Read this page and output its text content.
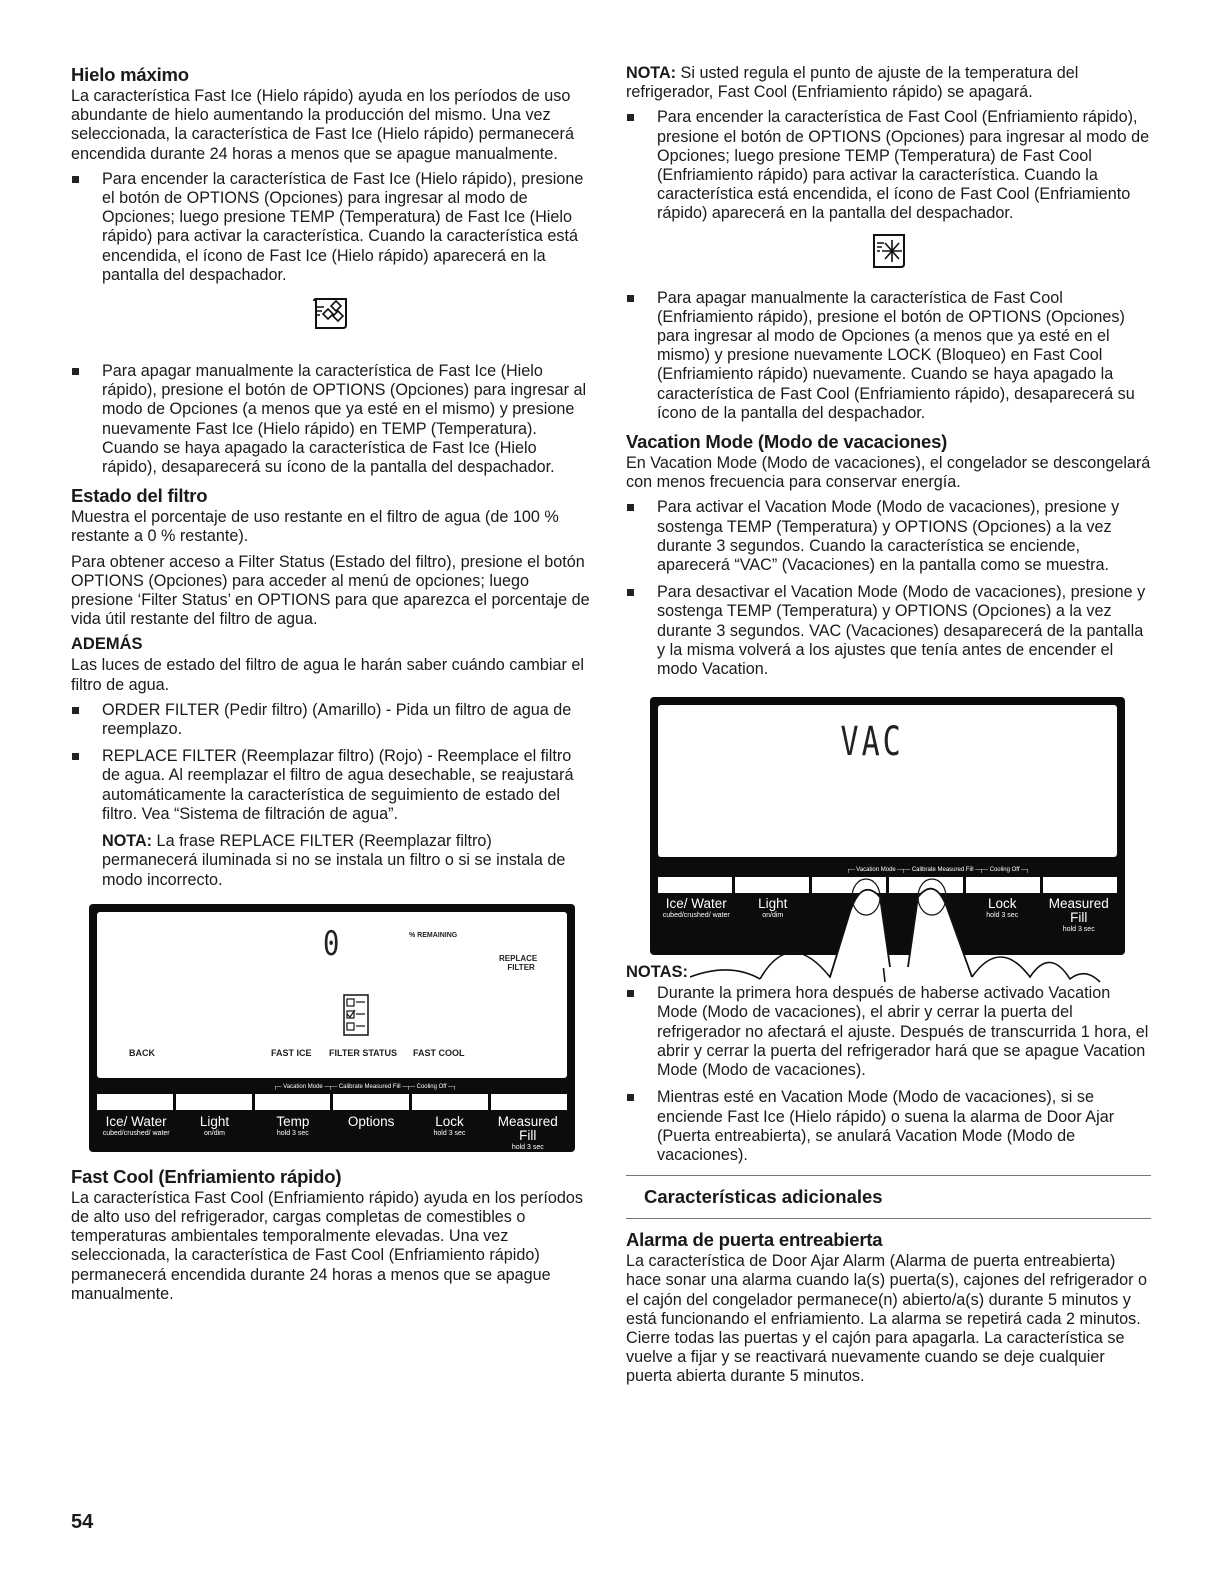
Hielo máximo

La característica Fast Ice (Hielo rápido) ayuda en los períodos de uso abundante de hielo aumentando la producción del mismo. Una vez seleccionada, la característica de Fast Ice (Hielo rápido) permanecerá encendida durante 24 horas a menos que se apague manualmente.

Para encender la característica de Fast Ice (Hielo rápido), presione el botón de OPTIONS (Opciones) para ingresar al modo de Opciones; luego presione TEMP (Temperatura) de Fast Ice (Hielo rápido) para activar la característica. Cuando la característica está encendida, el ícono de Fast Ice (Hielo rápido) aparecerá en la pantalla del despachador.
Para apagar manualmente la característica de Fast Ice (Hielo rápido), presione el botón de OPTIONS (Opciones) para ingresar al modo de Opciones (a menos que ya esté en el mismo) y presione nuevamente Fast Ice (Hielo rápido) en TEMP (Temperatura). Cuando se haya apagado la característica de Fast Ice (Hielo rápido), desaparecerá su ícono de la pantalla del despachador.
Estado del filtro

Muestra el porcentaje de uso restante en el filtro de agua (de 100 % restante a 0 % restante).

Para obtener acceso a Filter Status (Estado del filtro), presione el botón OPTIONS (Opciones) para acceder al menú de opciones; luego presione ‘Filter Status’ en OPTIONS para que aparezca el porcentaje de vida útil restante del filtro de agua.

ADEMÁS

Las luces de estado del filtro de agua le harán saber cuándo cambiar el filtro de agua.

ORDER FILTER (Pedir filtro) (Amarillo) - Pida un filtro de agua de reemplazo.
REPLACE FILTER (Reemplazar filtro) (Rojo) - Reemplace el filtro de agua. Al reemplazar el filtro de agua desechable, se reajustará automáticamente la característica de seguimiento de estado del filtro. Vea “Sistema de filtración de agua”.

NOTA: La frase REPLACE FILTER (Reemplazar filtro) permanecerá iluminada si no se instala un filtro o si se instala de modo incorrecto.

0	% REMAINING
REPLACE
FILTER
BACK	FAST ICE FILTER STATUS FAST COOL
┌─ Vacation Mode ─┬─ Calibrate Measured Fill ─┬─ Cooling Off ─┐
Ice/ Water
cubed/crushed/ water
Light
on/dim
Temp
hold 3 sec
Options	Lock
hold 3 sec
Measured Fill
hold 3 sec
Fast Cool (Enfriamiento rápido)

La característica Fast Cool (Enfriamiento rápido) ayuda en los períodos de alto uso del refrigerador, cargas completas de comestibles o temperaturas ambientales temporalmente elevadas. Una vez seleccionada, la característica de Fast Cool (Enfriamiento rápido) permanecerá encendida durante 24 horas a menos que se apague manualmente.

NOTA: Si usted regula el punto de ajuste de la temperatura del refrigerador, Fast Cool (Enfriamiento rápido) se apagará.

Para encender la característica de Fast Cool (Enfriamiento rápido), presione el botón de OPTIONS (Opciones) para ingresar al modo de Opciones; luego presione TEMP (Temperatura) de Fast Cool (Enfriamiento rápido) para activar la característica. Cuando la característica está encendida, el ícono de Fast Cool (Enfriamiento rápido) aparecerá en la pantalla del despachador.
Para apagar manualmente la característica de Fast Cool (Enfriamiento rápido), presione el botón de OPTIONS (Opciones) para ingresar al modo de Opciones (a menos que ya esté en el mismo) y presione nuevamente LOCK (Bloqueo) en Fast Cool (Enfriamiento rápido) nuevamente. Cuando se haya apagado la característica de Fast Cool (Enfriamiento rápido), desaparecerá su ícono de la pantalla del despachador.
Vacation Mode (Modo de vacaciones)

En Vacation Mode (Modo de vacaciones), el congelador se descongelará con menos frecuencia para conservar energía.

Para activar el Vacation Mode (Modo de vacaciones), presione y sostenga TEMP (Temperatura) y OPTIONS (Opciones) a la vez durante 3 segundos. Cuando la característica se enciende, aparecerá “VAC” (Vacaciones) en la pantalla como se muestra.
Para desactivar el Vacation Mode (Modo de vacaciones), presione y sostenga TEMP (Temperatura) y OPTIONS (Opciones) a la vez durante 3 segundos. VAC (Vacaciones) desaparecerá de la pantalla y la misma volverá a los ajustes que tenía antes de encender el modo Vacation.
VAC
┌─ Vacation Mode ─┬─ Calibrate Measured Fill ─┬─ Cooling Off ─┐
Ice/ Water
cubed/crushed/ water
Light
on/dim
Lock
hold 3 sec
Measured Fill
hold 3 sec
NOTAS:
Durante la primera hora después de haberse activado Vacation Mode (Modo de vacaciones), el abrir y cerrar la puerta del refrigerador no afectará el ajuste. Después de transcurrida 1 hora, el abrir y cerrar la puerta del refrigerador hará que se apague Vacation Mode (Modo de vacaciones).
Mientras esté en Vacation Mode (Modo de vacaciones), si se enciende Fast Ice (Hielo rápido) o suena la alarma de Door Ajar (Puerta entreabierta), se anulará Vacation Mode (Modo de vacaciones).
Características adicionales
Alarma de puerta entreabierta

La característica de Door Ajar Alarm (Alarma de puerta entreabierta) hace sonar una alarma cuando la(s) puerta(s), cajones del refrigerador o el cajón del congelador permanece(n) abierto/a(s) durante 5 minutos y está funcionando el enfriamiento. La alarma se repetirá cada 2 minutos. Cierre todas las puertas y el cajón para apagarla. La característica se vuelve a fijar y se reactivará nuevamente cuando se deje cualquier puerta abierta durante 5 minutos.

54
